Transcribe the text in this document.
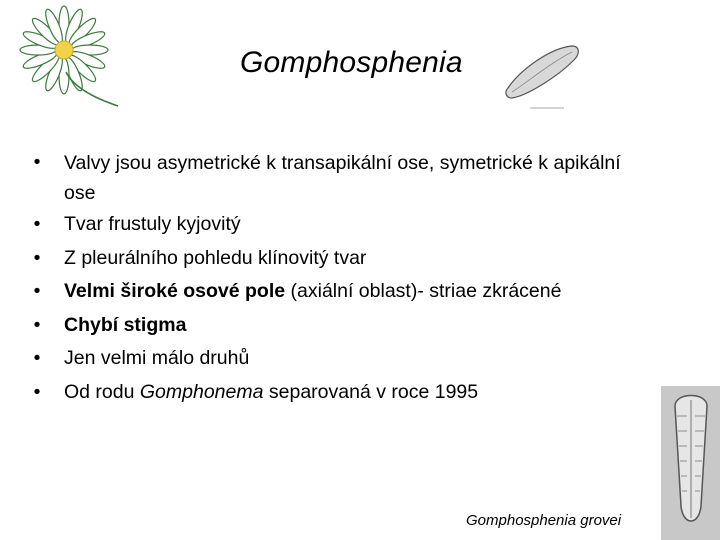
Gomphosphenia
• Valvy jsou asymetrické k transapikální ose, symetrické k apikální ose
• Tvar frustuly kyjovitý
• Z pleurálního pohledu klínovitý tvar
• Velmi široké osové pole (axiální oblast)- striae zkrácené
• Chybí stigma
• Jen velmi málo druhů
• Od rodu Gomphonema separovaná v roce 1995
Gomphosphenia grovei
